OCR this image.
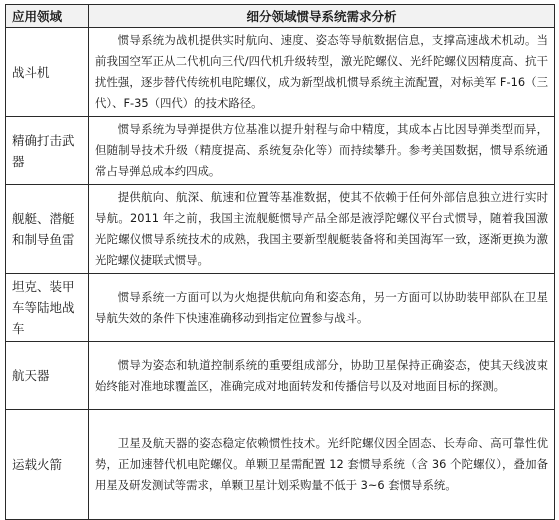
应用领域	细分领域惯导系统需求分析
战斗机	惯导系统为战机提供实时航向、速度、姿态等导航数据信息，支撑高速战术机动。当前我国空军正从二代机向三代/四代机升级转型，激光陀螺仪、光纤陀螺仪因精度高、抗干扰性强，逐步替代传统机电陀螺仪，成为新型战机惯导系统主流配置，对标美军 F-16（三代）、F-35（四代）的技术路径。
精确打击武器	惯导系统为导弹提供方位基准以提升射程与命中精度，其成本占比因导弹类型而异，但随制导技术升级（精度提高、系统复杂化等）而持续攀升。参考美国数据，惯导系统通常占导弹总成本约四成。
舰艇、潜艇和制导鱼雷	提供航向、航深、航速和位置等基准数据，使其不依赖于任何外部信息独立进行实时导航。2011 年之前，我国主流舰艇惯导产品全部是液浮陀螺仪平台式惯导，随着我国激光陀螺仪惯导系统技术的成熟，我国主要新型舰艇装备将和美国海军一致，逐渐更换为激光陀螺仪捷联式惯导。
坦克、装甲车等陆地战车	惯导系统一方面可以为火炮提供航向角和姿态角，另一方面可以协助装甲部队在卫星导航失效的条件下快速准确移动到指定位置参与战斗。
航天器	惯导为姿态和轨道控制系统的重要组成部分，协助卫星保持正确姿态，使其天线波束始终能对准地球覆盖区，准确完成对地面转发和传播信号以及对地面目标的探测。
运载火箭	卫星及航天器的姿态稳定依赖惯性技术。光纤陀螺仪因全固态、长寿命、高可靠性优势，正加速替代机电陀螺仪。单颗卫星需配置 12 套惯导系统（含 36 个陀螺仪），叠加备用星及研发测试等需求，单颗卫星计划采购量不低于 3~6 套惯导系统。
